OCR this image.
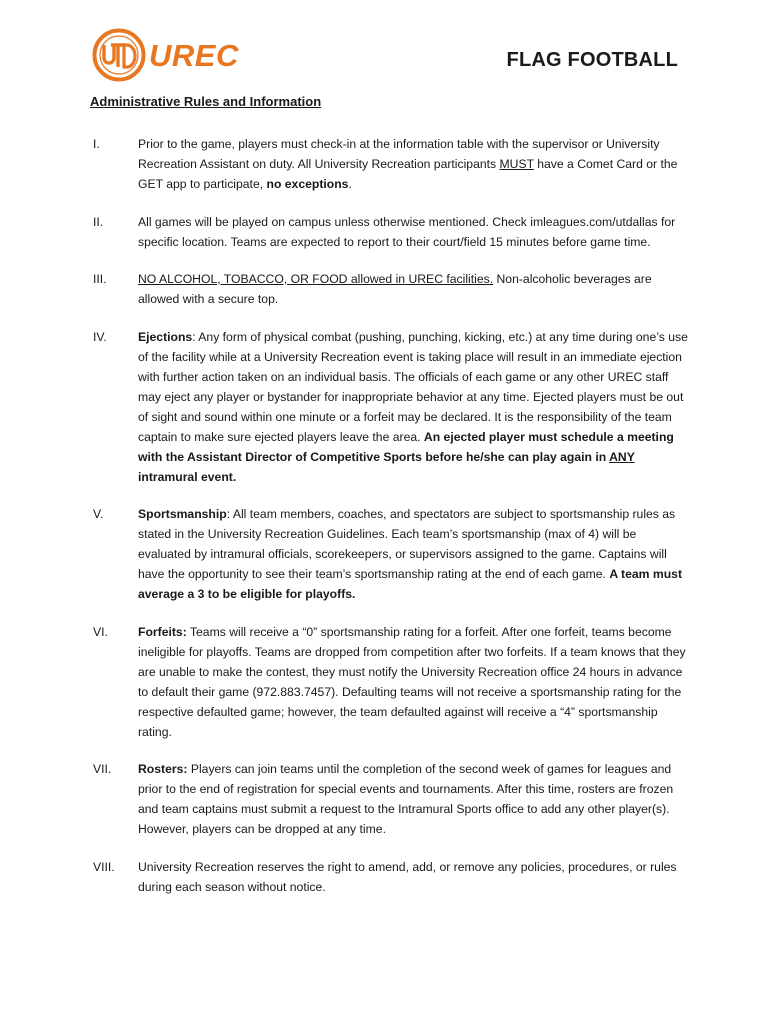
UREC	FLAG FOOTBALL
Administrative Rules and Information
I.	Prior to the game, players must check-in at the information table with the supervisor or University Recreation Assistant on duty. All University Recreation participants MUST have a Comet Card or the GET app to participate, no exceptions.
II.	All games will be played on campus unless otherwise mentioned. Check imleagues.com/utdallas for specific location. Teams are expected to report to their court/field 15 minutes before game time.
III.	NO ALCOHOL, TOBACCO, OR FOOD allowed in UREC facilities. Non-alcoholic beverages are allowed with a secure top.
IV.	Ejections: Any form of physical combat (pushing, punching, kicking, etc.) at any time during one’s use of the facility while at a University Recreation event is taking place will result in an immediate ejection with further action taken on an individual basis. The officials of each game or any other UREC staff may eject any player or bystander for inappropriate behavior at any time. Ejected players must be out of sight and sound within one minute or a forfeit may be declared. It is the responsibility of the team captain to make sure ejected players leave the area. An ejected player must schedule a meeting with the Assistant Director of Competitive Sports before he/she can play again in ANY intramural event.
V.	Sportsmanship: All team members, coaches, and spectators are subject to sportsmanship rules as stated in the University Recreation Guidelines. Each team’s sportsmanship (max of 4) will be evaluated by intramural officials, scorekeepers, or supervisors assigned to the game. Captains will have the opportunity to see their team’s sportsmanship rating at the end of each game. A team must average a 3 to be eligible for playoffs.
VI.	Forfeits: Teams will receive a “0” sportsmanship rating for a forfeit. After one forfeit, teams become ineligible for playoffs. Teams are dropped from competition after two forfeits. If a team knows that they are unable to make the contest, they must notify the University Recreation office 24 hours in advance to default their game (972.883.7457). Defaulting teams will not receive a sportsmanship rating for the respective defaulted game; however, the team defaulted against will receive a “4” sportsmanship rating.
VII.	Rosters: Players can join teams until the completion of the second week of games for leagues and prior to the end of registration for special events and tournaments. After this time, rosters are frozen and team captains must submit a request to the Intramural Sports office to add any other player(s). However, players can be dropped at any time.
VIII.	University Recreation reserves the right to amend, add, or remove any policies, procedures, or rules during each season without notice.
